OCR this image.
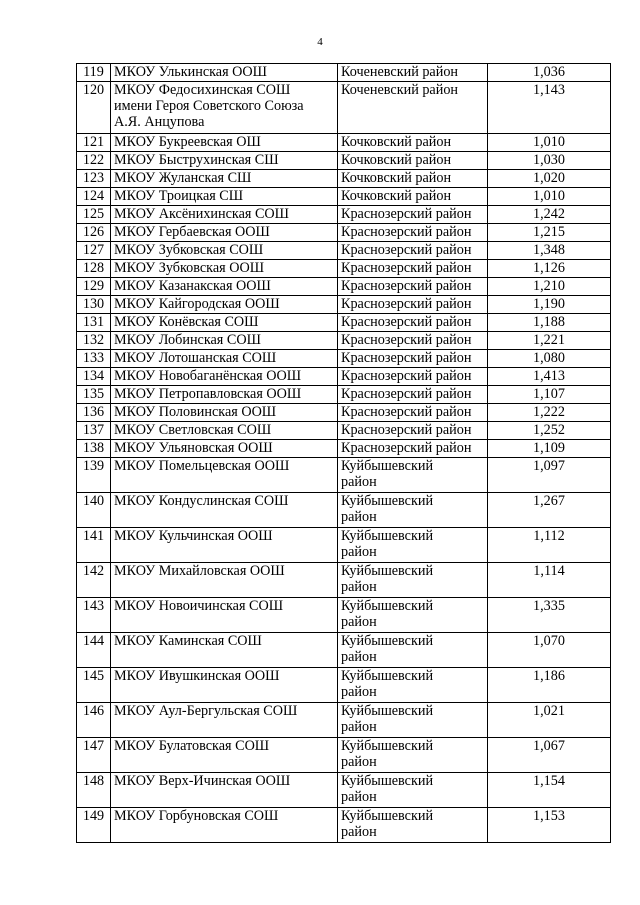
4
119	МКОУ Улькинская ООШ	Коченевский район	1,036
120	МКОУ Федосихинская СОШ
имени Героя Советского Союза
А.Я. Анцупова	Коченевский район	1,143
121	МКОУ Букреевская ОШ	Кочковский район	1,010
122	МКОУ Быструхинская СШ	Кочковский район	1,030
123	МКОУ Жуланская СШ	Кочковский район	1,020
124	МКОУ Троицкая СШ	Кочковский район	1,010
125	МКОУ Аксёнихинская СОШ	Краснозерский район	1,242
126	МКОУ Гербаевская ООШ	Краснозерский район	1,215
127	МКОУ Зубковская СОШ	Краснозерский район	1,348
128	МКОУ Зубковская ООШ	Краснозерский район	1,126
129	МКОУ Казанакская ООШ	Краснозерский район	1,210
130	МКОУ Кайгородская ООШ	Краснозерский район	1,190
131	МКОУ Конёвская СОШ	Краснозерский район	1,188
132	МКОУ Лобинская СОШ	Краснозерский район	1,221
133	МКОУ Лотошанская СОШ	Краснозерский район	1,080
134	МКОУ Новобаганёнская ООШ	Краснозерский район	1,413
135	МКОУ Петропавловская ООШ	Краснозерский район	1,107
136	МКОУ Половинская ООШ	Краснозерский район	1,222
137	МКОУ Светловская СОШ	Краснозерский район	1,252
138	МКОУ Ульяновская ООШ	Краснозерский район	1,109
139	МКОУ Помельцевская ООШ	Куйбышевский
район	1,097
140	МКОУ Кондуслинская СОШ	Куйбышевский
район	1,267
141	МКОУ Кульчинская ООШ	Куйбышевский
район	1,112
142	МКОУ Михайловская ООШ	Куйбышевский
район	1,114
143	МКОУ Новоичинская СОШ	Куйбышевский
район	1,335
144	МКОУ Каминская СОШ	Куйбышевский
район	1,070
145	МКОУ Ивушкинская ООШ	Куйбышевский
район	1,186
146	МКОУ Аул-Бергульская СОШ	Куйбышевский
район	1,021
147	МКОУ Булатовская СОШ	Куйбышевский
район	1,067
148	МКОУ Верх-Ичинская ООШ	Куйбышевский
район	1,154
149	МКОУ Горбуновская СОШ	Куйбышевский
район	1,153
